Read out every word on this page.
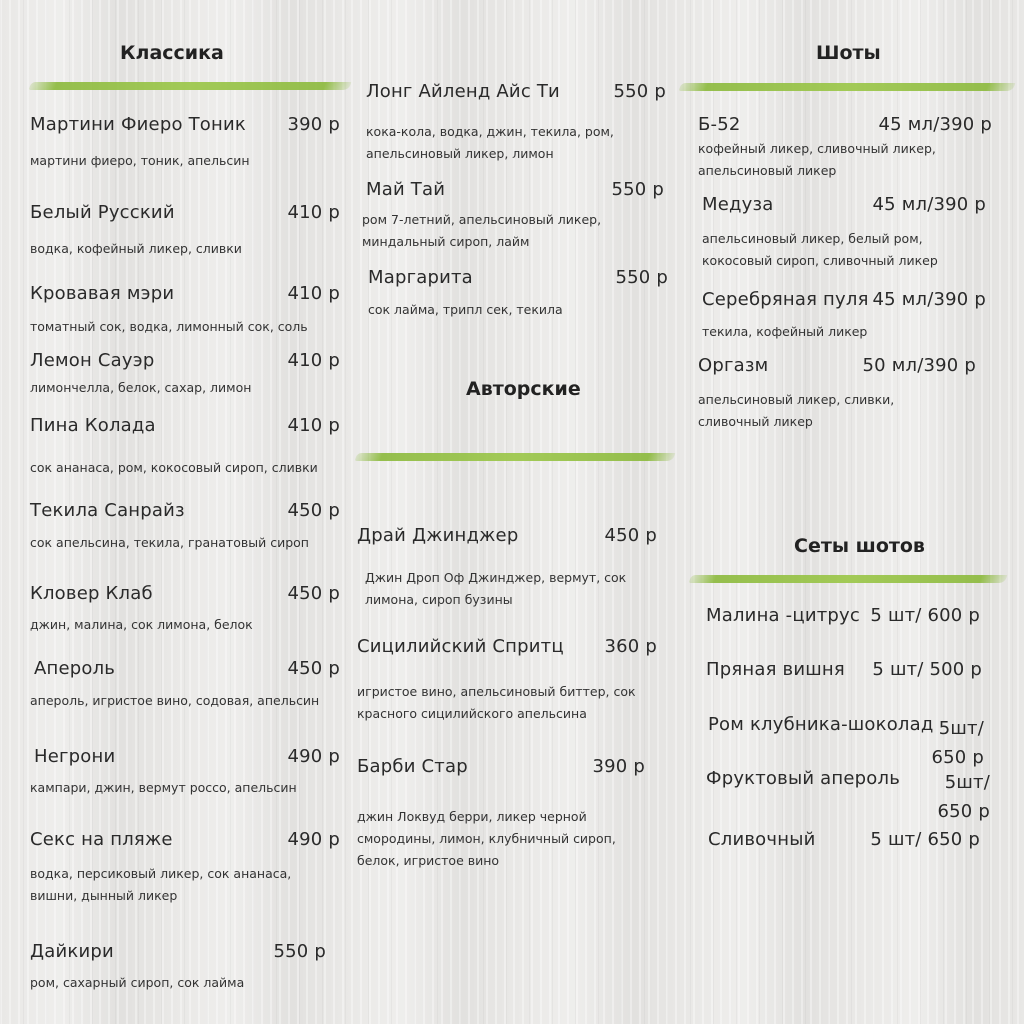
Классика
Мартини Фиеро Тоник 390 р
мартини фиеро, тоник, апельсин
Белый Русский	410 р
водка, кофейный ликер, сливки
Кровавая мэри	410 р
томатный сок, водка, лимонный сок, соль
Лемон Сауэр	410 р
лимончелла, белок, сахар, лимон
Пина Колада	410 р
сок ананаса, ром, кокосовый сироп, сливки
Текила Санрайз	450 р
сок апельсина, текила, гранатовый сироп
Кловер Клаб	450 р
джин, малина, сок лимона, белок
Апероль	450 р
апероль, игристое вино, содовая, апельсин
Негрони	490 р
кампари, джин, вермут россо, апельсин
Секс на пляже	490 р
водка, персиковый ликер, сок ананаса, вишни, дынный ликер
Дайкири	550 р
ром, сахарный сироп, сок лайма
Лонг Айленд Айс Ти	550 р
кока-кола, водка, джин, текила, ром, апельсиновый ликер, лимон
Май Тай	550 р
ром 7-летний, апельсиновый ликер, миндальный сироп, лайм
Маргарита	550 р
сок лайма, трипл сек, текила
Авторские
Драй Джинджер	450 р
Джин Дроп Оф Джинджер, вермут, сок лимона, сироп бузины
Сицилийский Спритц 360 р
игристое вино, апельсиновый биттер, сок красного сицилийского апельсина
Барби Стар	390 р
джин Локвуд берри, ликер черной смородины, лимон, клубничный сироп, белок, игристое вино
Шоты
Б-52	45 мл/390 р
кофейный ликер, сливочный ликер, апельсиновый ликер
Медуза	45 мл/390 р
апельсиновый ликер, белый ром, кокосовый сироп, сливочный ликер
Серебряная пуля 45 мл/390 р
текила, кофейный ликер
Оргазм	50 мл/390 р
апельсиновый ликер, сливки, сливочный ликер
Сеты шотов
Малина -цитрус 5 шт/ 600 р
Пряная вишня 5 шт/ 500 р
Ром клубника-шоколад 5шт/
650 р
Фруктовый апероль	5шт/
650 р
Сливочный	5 шт/ 650 р
